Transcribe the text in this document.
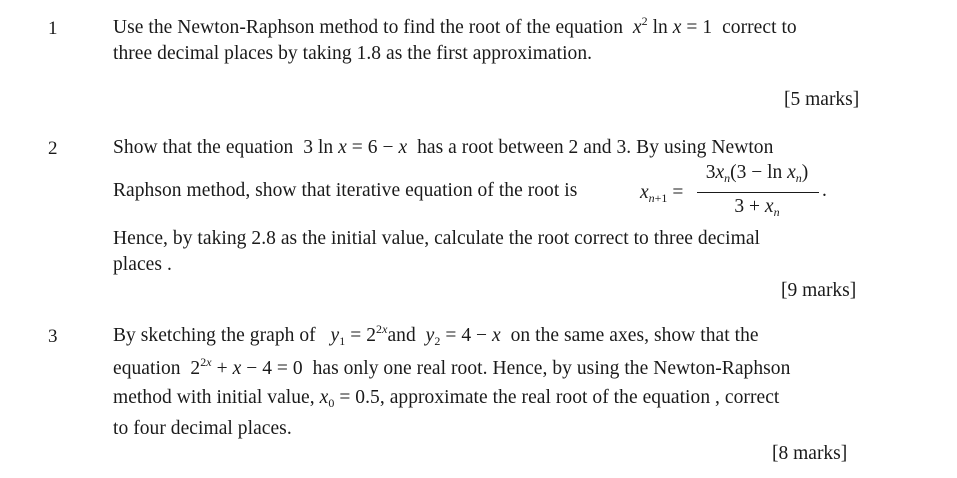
1	Use the Newton-Raphson method to find the root of the equation $x^2$ ln x = 1  correct to
three decimal places by taking 1.8 as the first approximation.
[5 marks]
2	Show that the equation  3 ln x = 6 − x has a root between 2 and 3. By using Newton
Raphson method, show that iterative equation of the root is	$x_{n+1}$ =
$3x_n(3 - \ln x_n)$
$3 + x_n$
.
Hence, by taking 2.8 as the initial value, calculate the root correct to three decimal
places .
[9 marks]
3	By sketching the graph of $y_1 = 2^{2x}and$ $y_2 = 4 - x$ on the same axes, show that the
equation  $2^{2x} + x - 4 = 0$  has only one real root. Hence, by using the Newton-Raphson
method with initial value, $x_0 = 0.5$, approximate the real root of the equation , correct
to four decimal places.
[8 marks]
